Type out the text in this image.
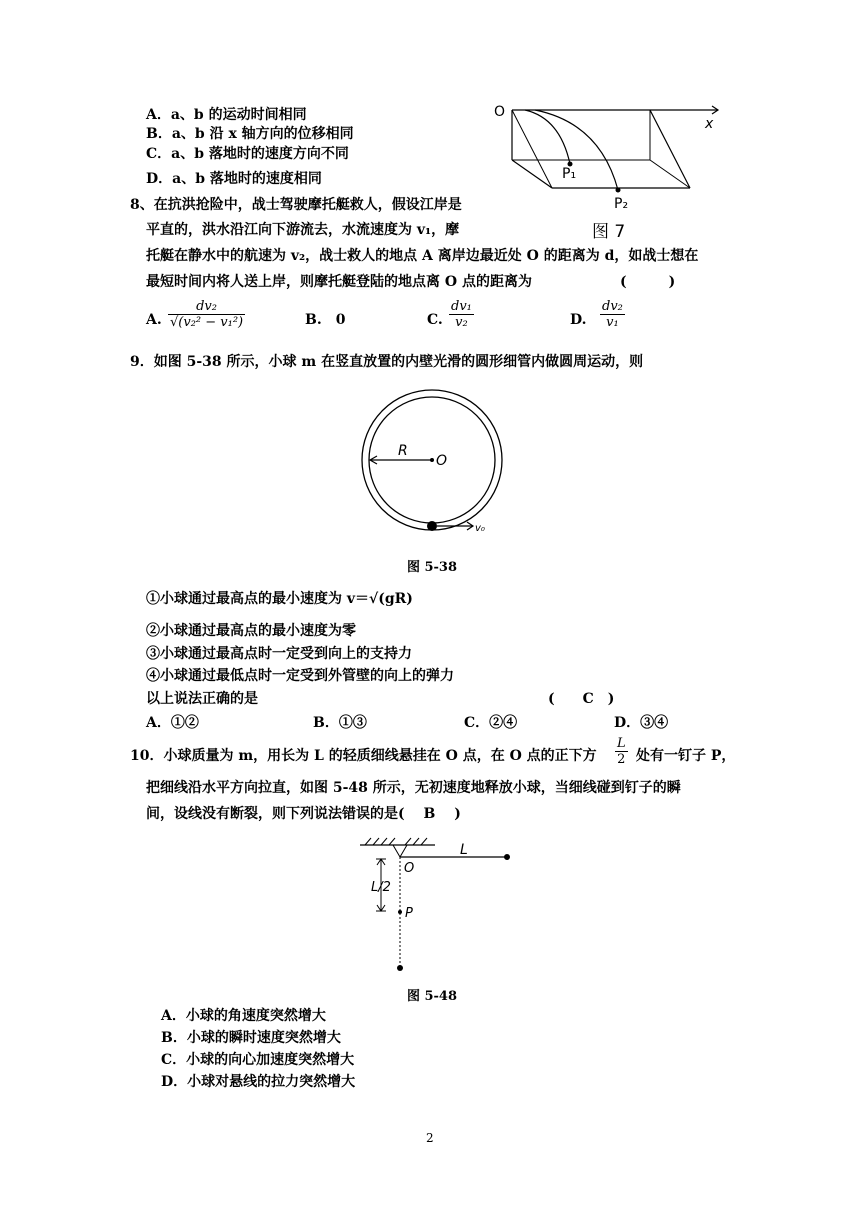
A．a、b 的运动时间相同
B．a、b 沿 x 轴方向的位移相同
C．a、b 落地时的速度方向不同
D．a、b 落地时的速度相同
O
x
P₁
P₂
图 7
8、在抗洪抢险中，战士驾驶摩托艇救人，假设江岸是
平直的，洪水沿江向下游流去，水流速度为 v₁，摩
托艇在静水中的航速为 v₂，战士救人的地点 A 离岸边最近处 O 的距离为 d，如战士想在
最短时间内将人送上岸，则摩托艇登陆的地点离 O 点的距离为	(　　　)
A. $\frac{\text{dv₂}}{\text{√(v₂² − v₁²)}}$	B.　0	C. $\frac{\text{dv₁}}{\text{v₂}}$	D. $\frac{\text{dv₂}}{\text{v₁}}$
9．如图 5-38 所示，小球 m 在竖直放置的内壁光滑的圆形细管内做圆周运动，则
R
O
v₀
图 5-38
①小球通过最高点的最小速度为 v＝√(gR)
②小球通过最高点的最小速度为零
③小球通过最高点时一定受到向上的支持力
④小球通过最低点时一定受到外管壁的向上的弹力
以上说法正确的是	(　　C　)
A．①②	B．①③	C．②④	D．③④
10．小球质量为 m，用长为 L 的轻质细线悬挂在 O 点，在 O 点的正下方 $\frac{L}{2}$ 处有一钉子 P，
把细线沿水平方向拉直，如图 5-48 所示，无初速度地释放小球，当细线碰到钉子的瞬
间，设线没有断裂，则下列说法错误的是(　 B　 )
L
O
L/2
P
图 5-48
A．小球的角速度突然增大
B．小球的瞬时速度突然增大
C．小球的向心加速度突然增大
D．小球对悬线的拉力突然增大
2
